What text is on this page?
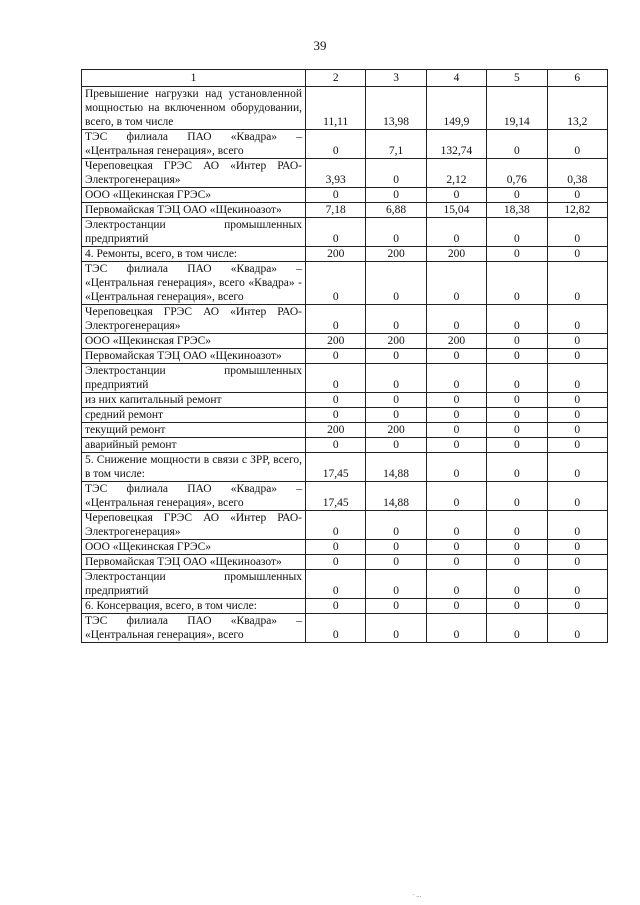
39
1	2	3	4	5	6
Превышение нагрузки над установленной мощностью на включенном оборудовании, всего, в том числе	11,11	13,98	149,9	19,14	13,2
ТЭС филиала ПАО «Квадра» – «Центральная генерация», всего	0	7,1	132,74	0	0
Череповецкая ГРЭС АО «Интер РАО-Электрогенерация»	3,93	0	2,12	0,76	0,38
ООО «Щекинская ГРЭС»	0	0	0	0	0
Первомайская ТЭЦ ОАО «Щекиноазот»	7,18	6,88	15,04	18,38	12,82
Электростанции промышленных предприятий	0	0	0	0	0
4. Ремонты, всего, в том числе:	200	200	200	0	0
ТЭС филиала ПАО «Квадра» – «Центральная генерация», всего «Квадра» - «Центральная генерация», всего	0	0	0	0	0
Череповецкая ГРЭС АО «Интер РАО-Электрогенерация»	0	0	0	0	0
ООО «Щекинская ГРЭС»	200	200	200	0	0
Первомайская ТЭЦ ОАО «Щекиноазот»	0	0	0	0	0
Электростанции промышленных предприятий	0	0	0	0	0
из них капитальный ремонт	0	0	0	0	0
средний ремонт	0	0	0	0	0
текущий ремонт	200	200	0	0	0
аварийный ремонт	0	0	0	0	0
5. Снижение мощности в связи с ЗРР, всего, в том числе:	17,45	14,88	0	0	0
ТЭС филиала ПАО «Квадра» – «Центральная генерация», всего	17,45	14,88	0	0	0
Череповецкая ГРЭС АО «Интер РАО-Электрогенерация»	0	0	0	0	0
ООО «Щекинская ГРЭС»	0	0	0	0	0
Первомайская ТЭЦ ОАО «Щекиноазот»	0	0	0	0	0
Электростанции промышленных предприятий	0	0	0	0	0
6. Консервация, всего, в том числе:	0	0	0	0	0
ТЭС филиала ПАО «Квадра» – «Центральная генерация», всего	0	0	0	0	0
· ...
